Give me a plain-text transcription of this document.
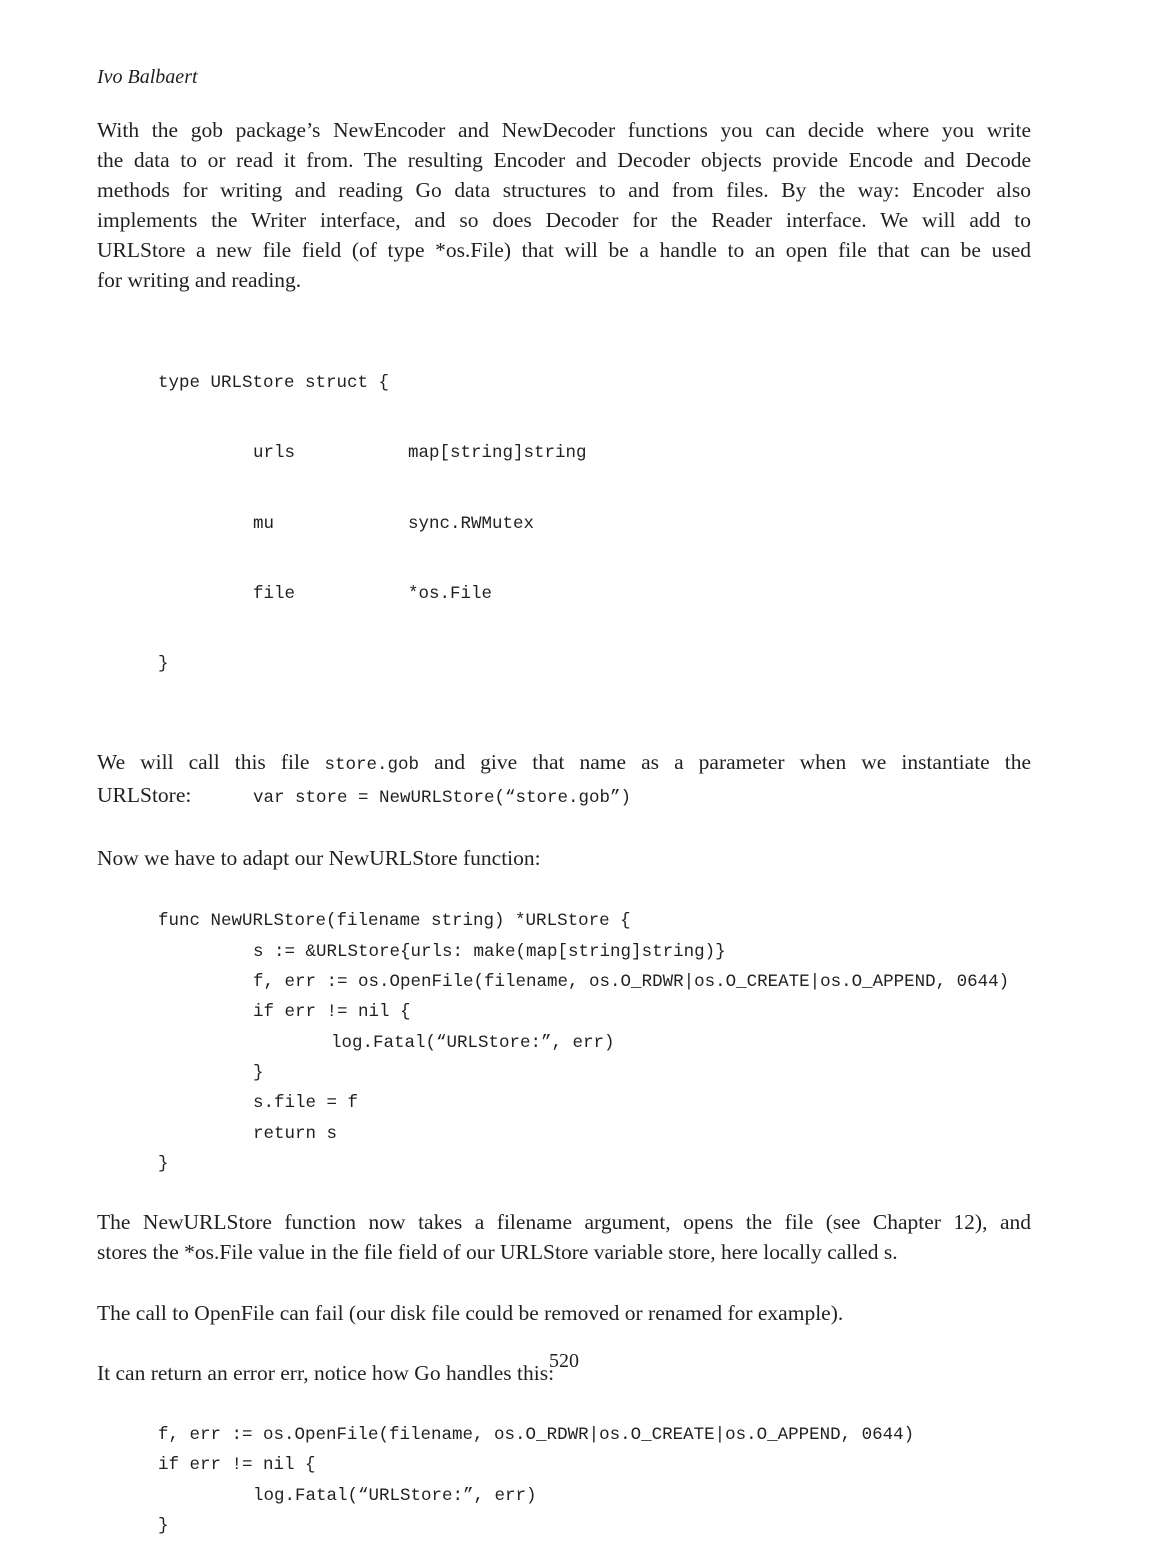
Ivo Balbaert
With the gob package’s NewEncoder and NewDecoder functions you can decide where you write
the data to or read it from. The resulting Encoder and Decoder objects provide Encode and Decode
methods for writing and reading Go data structures to and from files. By the way: Encoder also
implements the Writer interface, and so does Decoder for the Reader interface. We will add to
URLStore a new file field (of type *os.File) that will be a handle to an open file that can be used
for writing and reading.

type URLStore struct {

urls	map[string]string

mu	sync.RWMutex

file	*os.File

}

We will call this file store.gob and give that name as a parameter when we instantiate the
URLStore:	var store = NewURLStore(“store.gob”)
Now we have to adapt our NewURLStore function:
func NewURLStore(filename string) *URLStore {
s := &URLStore{urls: make(map[string]string)}
f, err := os.OpenFile(filename, os.O_RDWR|os.O_CREATE|os.O_APPEND, 0644)
if err != nil {
log.Fatal(“URLStore:”, err)
}
s.file = f
return s
}
The NewURLStore function now takes a filename argument, opens the file (see Chapter 12), and
stores the *os.File value in the file field of our URLStore variable store, here locally called s.
The call to OpenFile can fail (our disk file could be removed or renamed for example).
It can return an error err, notice how Go handles this:
f, err := os.OpenFile(filename, os.O_RDWR|os.O_CREATE|os.O_APPEND, 0644)
if err != nil {
log.Fatal(“URLStore:”, err)
}
520
